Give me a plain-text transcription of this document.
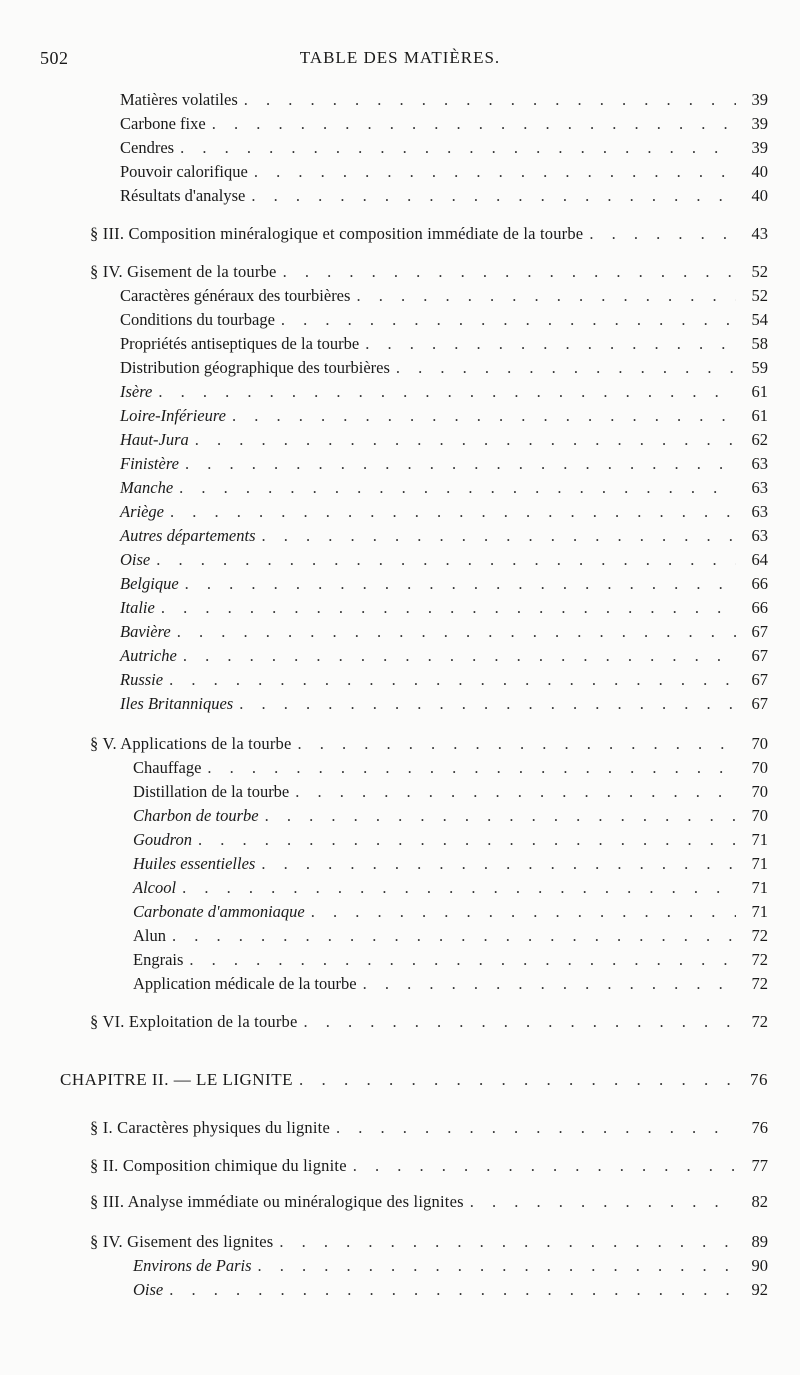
502	TABLE DES MATIÈRES.
Matières volatiles . . .	39
Carbone fixe . . .	39
Cendres . . .	39
Pouvoir calorifique . . .	40
Résultats d'analyse . . .	40
§ III. Composition minéralogique et composition immédiate de la tourbe . . .	43
§ IV. Gisement de la tourbe . . .	52
Caractères généraux des tourbières . . .	52
Conditions du tourbage . . .	54
Propriétés antiseptiques de la tourbe . . .	58
Distribution géographique des tourbières . . .	59
Isère . . .	61
Loire-Inférieure . . .	61
Haut-Jura . . .	62
Finistère . . .	63
Manche . . .	63
Ariège . . .	63
Autres départements . . .	63
Oise . . .	64
Belgique . . .	66
Italie . . .	66
Bavière . . .	67
Autriche . . .	67
Russie . . .	67
Iles Britanniques . . .	67
§ V. Applications de la tourbe . . .	70
Chauffage . . .	70
Distillation de la tourbe . . .	70
Charbon de tourbe . . .	70
Goudron . . .	71
Huiles essentielles . . .	71
Alcool . . .	71
Carbonate d'ammoniaque . . .	71
Alun . . .	72
Engrais . . .	72
Application médicale de la tourbe . . .	72
§ VI. Exploitation de la tourbe . . .	72
CHAPITRE II. — LE LIGNITE . . .	76
§ I. Caractères physiques du lignite . . .	76
§ II. Composition chimique du lignite . . .	77
§ III. Analyse immédiate ou minéralogique des lignites . . .	82
§ IV. Gisement des lignites . . .	89
Environs de Paris . . .	90
Oise . . .	92
